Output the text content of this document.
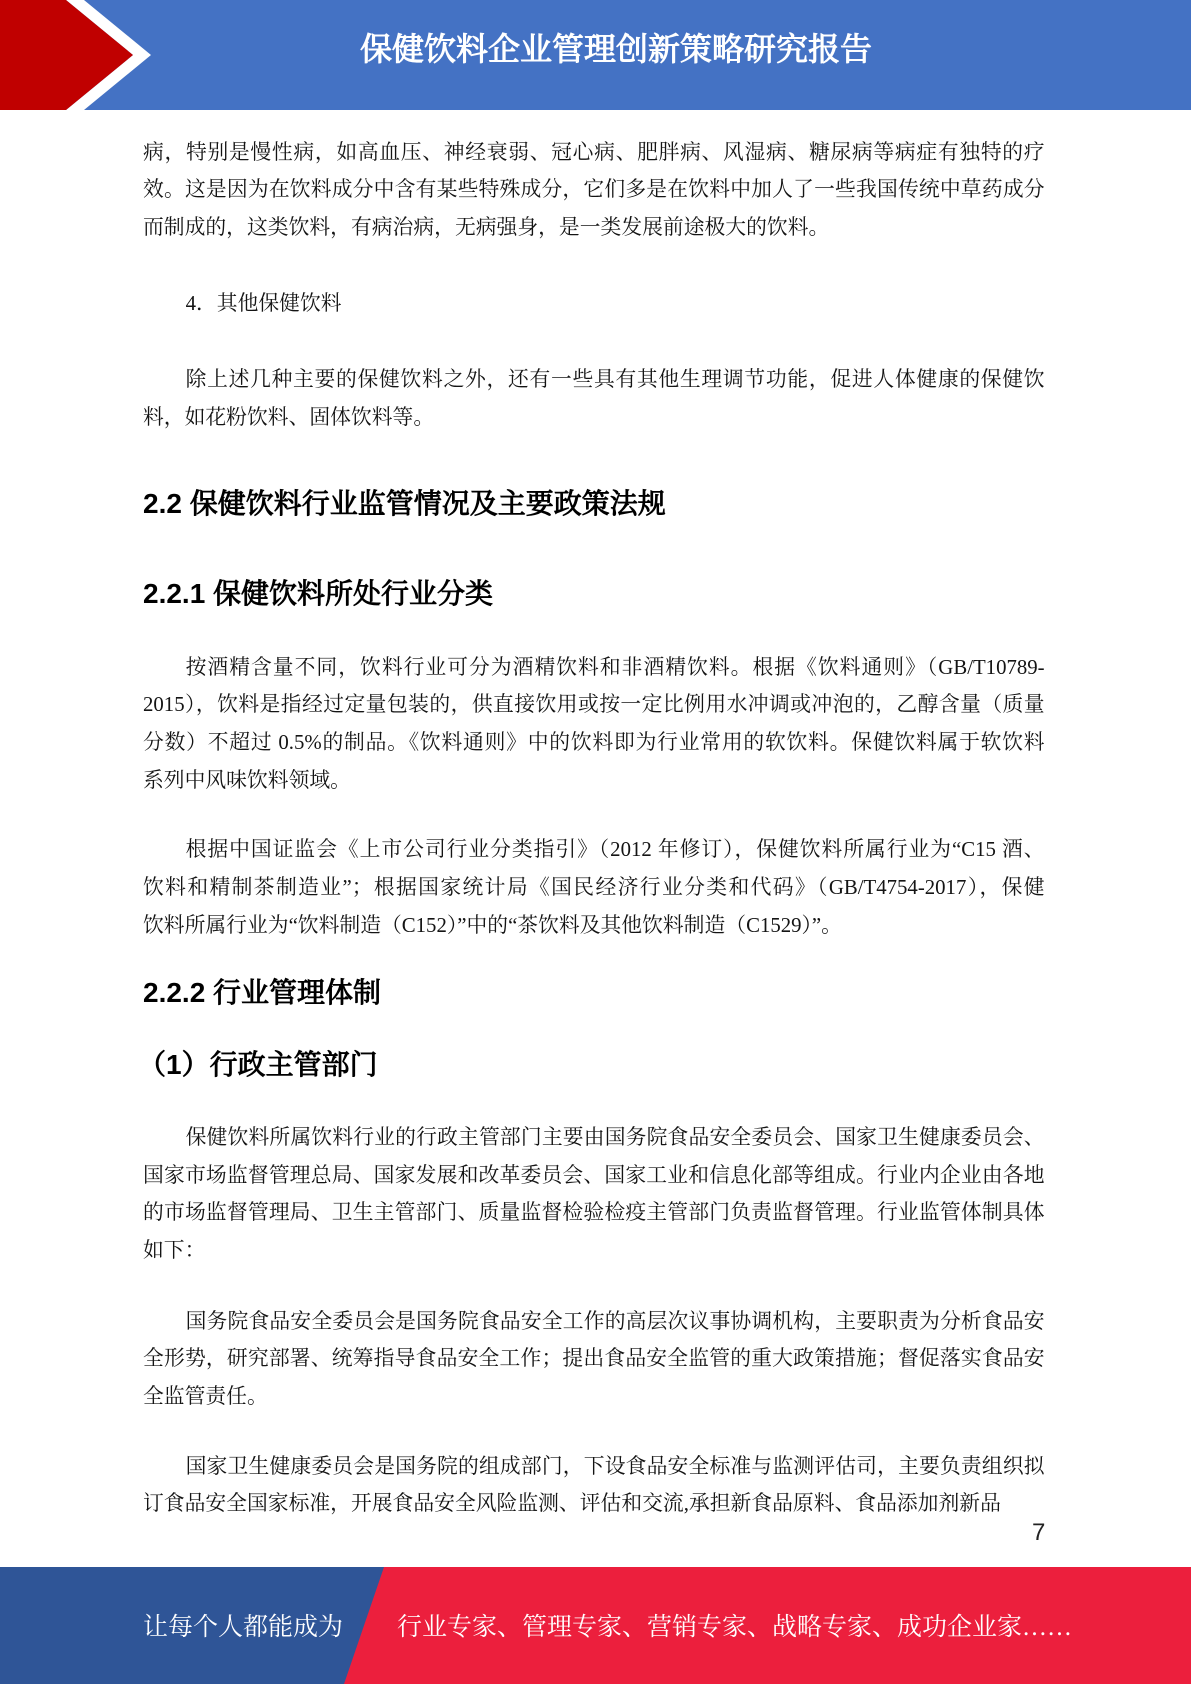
保健饮料企业管理创新策略研究报告
病，特别是慢性病，如高血压、神经衰弱、冠心病、肥胖病、风湿病、糖尿病等病症有独特的疗
效。这是因为在饮料成分中含有某些特殊成分，它们多是在饮料中加人了一些我国传统中草药成分
而制成的，这类饮料，有病治病，无病强身，是一类发展前途极大的饮料。
4．其他保健饮料
除上述几种主要的保健饮料之外，还有一些具有其他生理调节功能，促进人体健康的保健饮
料，如花粉饮料、固体饮料等。
2.2 保健饮料行业监管情况及主要政策法规
2.2.1 保健饮料所处行业分类
按酒精含量不同，饮料行业可分为酒精饮料和非酒精饮料。根据《饮料通则》（GB/T10789-
2015），饮料是指经过定量包装的，供直接饮用或按一定比例用水冲调或冲泡的，乙醇含量（质量
分数）不超过 0.5%的制品。《饮料通则》中的饮料即为行业常用的软饮料。保健饮料属于软饮料
系列中风味饮料领域。
根据中国证监会《上市公司行业分类指引》（2012 年修订），保健饮料所属行业为“C15 酒、
饮料和精制茶制造业”；根据国家统计局《国民经济行业分类和代码》（GB/T4754-2017），保健
饮料所属行业为“饮料制造（C152）”中的“茶饮料及其他饮料制造（C1529）”。
2.2.2 行业管理体制
（1）行政主管部门
保健饮料所属饮料行业的行政主管部门主要由国务院食品安全委员会、国家卫生健康委员会、
国家市场监督管理总局、国家发展和改革委员会、国家工业和信息化部等组成。行业内企业由各地
的市场监督管理局、卫生主管部门、质量监督检验检疫主管部门负责监督管理。行业监管体制具体
如下：
国务院食品安全委员会是国务院食品安全工作的高层次议事协调机构，主要职责为分析食品安
全形势，研究部署、统筹指导食品安全工作；提出食品安全监管的重大政策措施；督促落实食品安
全监管责任。
国家卫生健康委员会是国务院的组成部门，下设食品安全标准与监测评估司，主要负责组织拟
订食品安全国家标准，开展食品安全风险监测、评估和交流,承担新食品原料、食品添加剂新品
7
让每个人都能成为 行业专家、管理专家、营销专家、战略专家、成功企业家……
